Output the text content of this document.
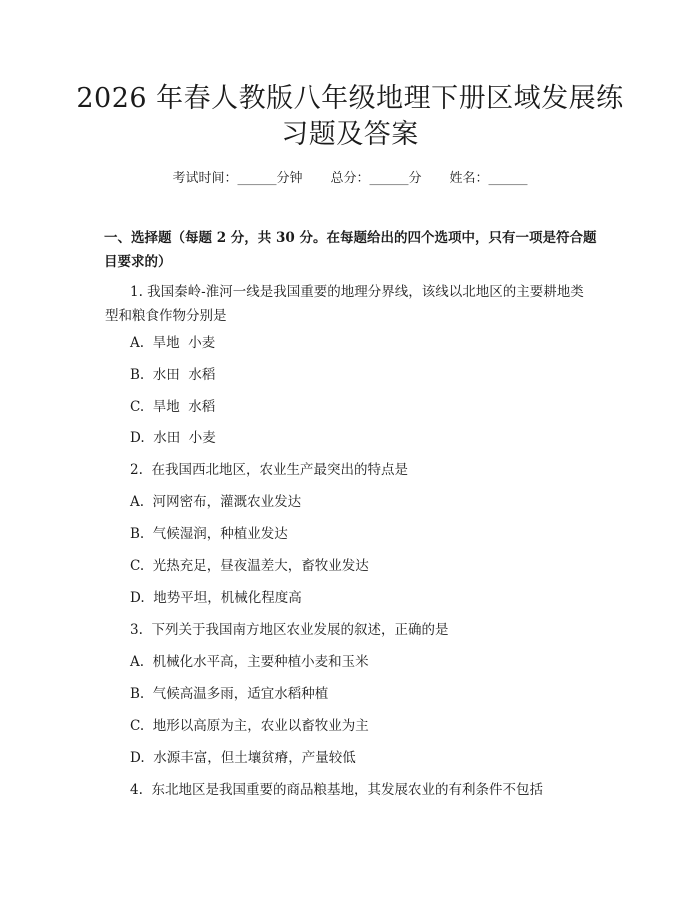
2026 年春人教版八年级地理下册区域发展练
习题及答案
考试时间：______分钟 总分：______分 姓名：______
一、选择题（每题 2 分，共 30 分。在每题给出的四个选项中，只有一项是符合题
目要求的）
1. 我国秦岭-淮河一线是我国重要的地理分界线，该线以北地区的主要耕地类
型和粮食作物分别是
A.  旱地  小麦
B.  水田  水稻
C.  旱地  水稻
D.  水田  小麦
2.  在我国西北地区，农业生产最突出的特点是
A.  河网密布，灌溉农业发达
B.  气候湿润，种植业发达
C.  光热充足，昼夜温差大，畜牧业发达
D.  地势平坦，机械化程度高
3.  下列关于我国南方地区农业发展的叙述，正确的是
A.  机械化水平高，主要种植小麦和玉米
B.  气候高温多雨，适宜水稻种植
C.  地形以高原为主，农业以畜牧业为主
D.  水源丰富，但土壤贫瘠，产量较低
4.  东北地区是我国重要的商品粮基地，其发展农业的有利条件不包括
